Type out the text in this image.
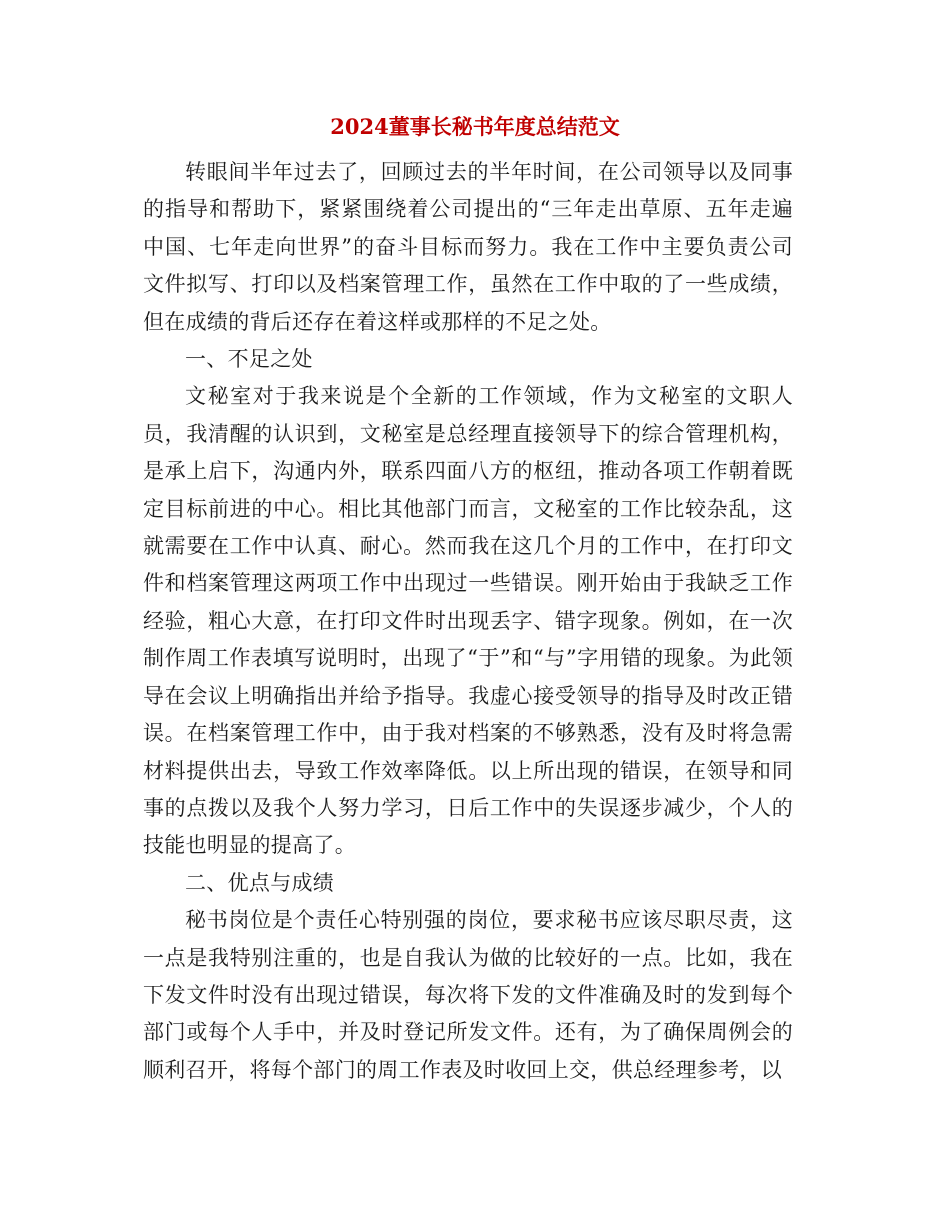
2024董事长秘书年度总结范文

转眼间半年过去了，回顾过去的半年时间，在公司领导以及同事的指导和帮助下，紧紧围绕着公司提出的“三年走出草原、五年走遍中国、七年走向世界”的奋斗目标而努力。我在工作中主要负责公司文件拟写、打印以及档案管理工作，虽然在工作中取的了一些成绩，但在成绩的背后还存在着这样或那样的不足之处。

一、不足之处

文秘室对于我来说是个全新的工作领域，作为文秘室的文职人员，我清醒的认识到，文秘室是总经理直接领导下的综合管理机构，是承上启下，沟通内外，联系四面八方的枢纽，推动各项工作朝着既定目标前进的中心。相比其他部门而言，文秘室的工作比较杂乱，这就需要在工作中认真、耐心。然而我在这几个月的工作中，在打印文件和档案管理这两项工作中出现过一些错误。刚开始由于我缺乏工作经验，粗心大意，在打印文件时出现丢字、错字现象。例如，在一次制作周工作表填写说明时，出现了“于”和“与”字用错的现象。为此领导在会议上明确指出并给予指导。我虚心接受领导的指导及时改正错误。在档案管理工作中，由于我对档案的不够熟悉，没有及时将急需材料提供出去，导致工作效率降低。以上所出现的错误，在领导和同事的点拨以及我个人努力学习，日后工作中的失误逐步减少，个人的技能也明显的提高了。

二、优点与成绩

秘书岗位是个责任心特别强的岗位，要求秘书应该尽职尽责，这一点是我特别注重的，也是自我认为做的比较好的一点。比如，我在下发文件时没有出现过错误，每次将下发的文件准确及时的发到每个部门或每个人手中，并及时登记所发文件。还有，为了确保周例会的顺利召开，将每个部门的周工作表及时收回上交，供总经理参考，以
